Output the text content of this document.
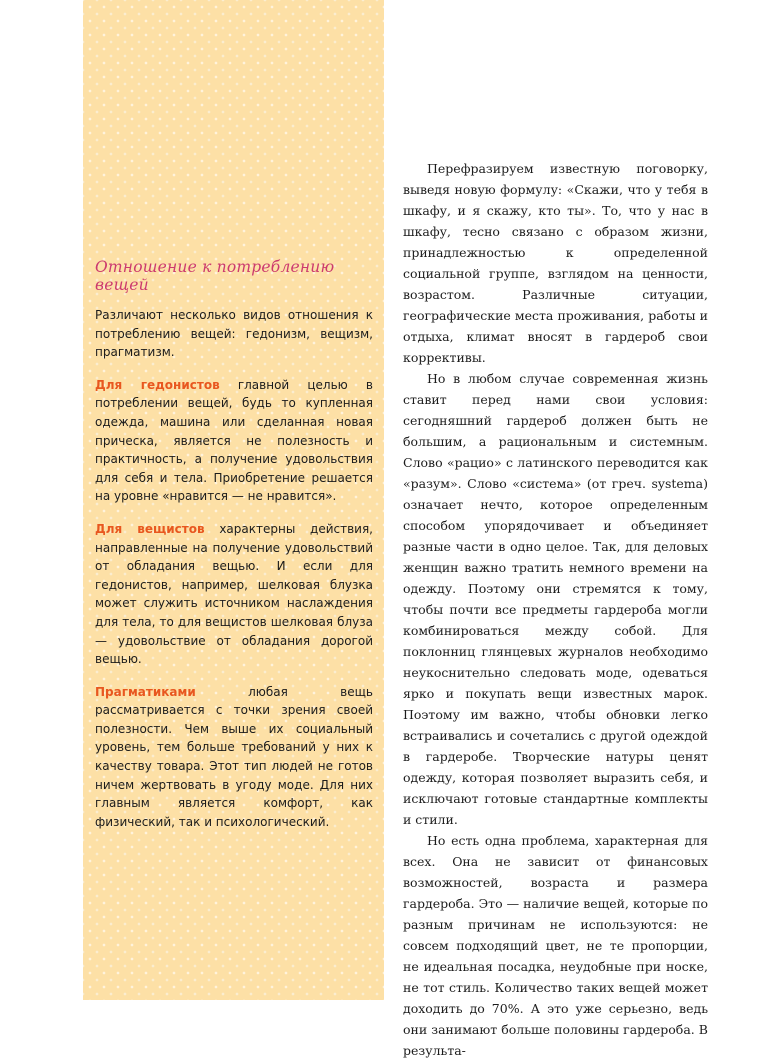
Отношение к потреблению вещей

Различают несколько видов отношения к потреблению вещей: гедонизм, вещизм, прагматизм.

Для гедонистов главной целью в потреблении вещей, будь то купленная одежда, машина или сделанная новая прическа, является не полезность и практичность, а получение удовольствия для себя и тела. Приобретение решается на уровне «нравится — не нравится».

Для вещистов характерны действия, направленные на получение удовольствий от обладания вещью. И если для гедонистов, например, шелковая блузка может служить источником наслаждения для тела, то для вещистов шелковая блуза — удовольствие от обладания дорогой вещью.

Прагматиками любая вещь рассматривается с точки зрения своей полезности. Чем выше их социальный уровень, тем больше требований у них к качеству товара. Этот тип людей не готов ничем жертвовать в угоду моде. Для них главным является комфорт, как физический, так и психологический.

Перефразируем известную поговорку, выведя новую формулу: «Скажи, что у тебя в шкафу, и я скажу, кто ты». То, что у нас в шкафу, тесно связано с образом жизни, принадлежностью к определенной социальной группе, взглядом на ценности, возрастом. Различные ситуации, географические места проживания, работы и отдыха, климат вносят в гардероб свои коррективы.

Но в любом случае современная жизнь ставит перед нами свои условия: сегодняшний гардероб должен быть не большим, а рациональным и системным. Слово «рацио» с латинского переводится как «разум». Слово «система» (от греч. systema) означает нечто, которое определенным способом упорядочивает и объединяет разные части в одно целое. Так, для деловых женщин важно тратить немного времени на одежду. Поэтому они стремятся к тому, чтобы почти все предметы гардероба могли комбинироваться между собой. Для поклонниц глянцевых журналов необходимо неукоснительно следовать моде, одеваться ярко и покупать вещи известных марок. Поэтому им важно, чтобы обновки легко встраивались и сочетались с другой одеждой в гардеробе. Творческие натуры ценят одежду, которая позволяет выразить себя, и исключают готовые стандартные комплекты и стили.

Но есть одна проблема, характерная для всех. Она не зависит от финансовых возможностей, возраста и размера гардероба. Это — наличие вещей, которые по разным причинам не используются: не совсем подходящий цвет, не те пропорции, не идеальная посадка, неудобные при носке, не тот стиль. Количество таких вещей может доходить до 70%. А это уже серьезно, ведь они занимают больше половины гардероба. В результа-
